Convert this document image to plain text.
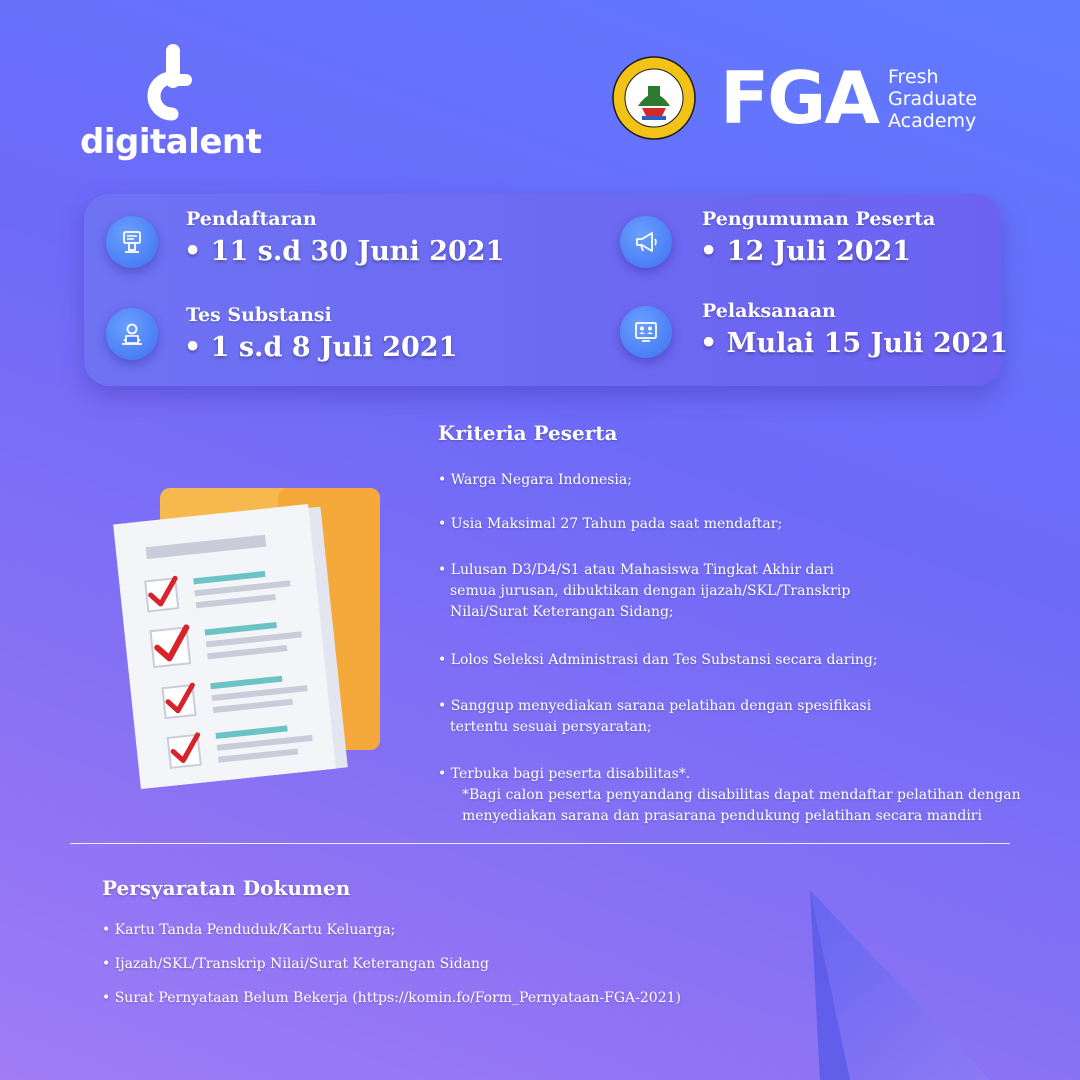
digitalent
FGA Fresh
Graduate
Academy
Pendaftaran
• 11 s.d 30 Juni 2021
Pengumuman Peserta
• 12 Juli 2021
Tes Substansi
• 1 s.d 8 Juli 2021
Pelaksanaan
• Mulai 15 Juli 2021
Kriteria Peserta
• Warga Negara Indonesia;
• Usia Maksimal 27 Tahun pada saat mendaftar;
• Lulusan D3/D4/S1 atau Mahasiswa Tingkat Akhir dari
semua jurusan, dibuktikan dengan ijazah/SKL/Transkrip
Nilai/Surat Keterangan Sidang;
• Lolos Seleksi Administrasi dan Tes Substansi secara daring;
• Sanggup menyediakan sarana pelatihan dengan spesifikasi
tertentu sesuai persyaratan;
• Terbuka bagi peserta disabilitas*.
*Bagi calon peserta penyandang disabilitas dapat mendaftar pelatihan dengan
menyediakan sarana dan prasarana pendukung pelatihan secara mandiri
Persyaratan Dokumen
• Kartu Tanda Penduduk/Kartu Keluarga;
• Ijazah/SKL/Transkrip Nilai/Surat Keterangan Sidang
• Surat Pernyataan Belum Bekerja (https://komin.fo/Form_Pernyataan-FGA-2021)
